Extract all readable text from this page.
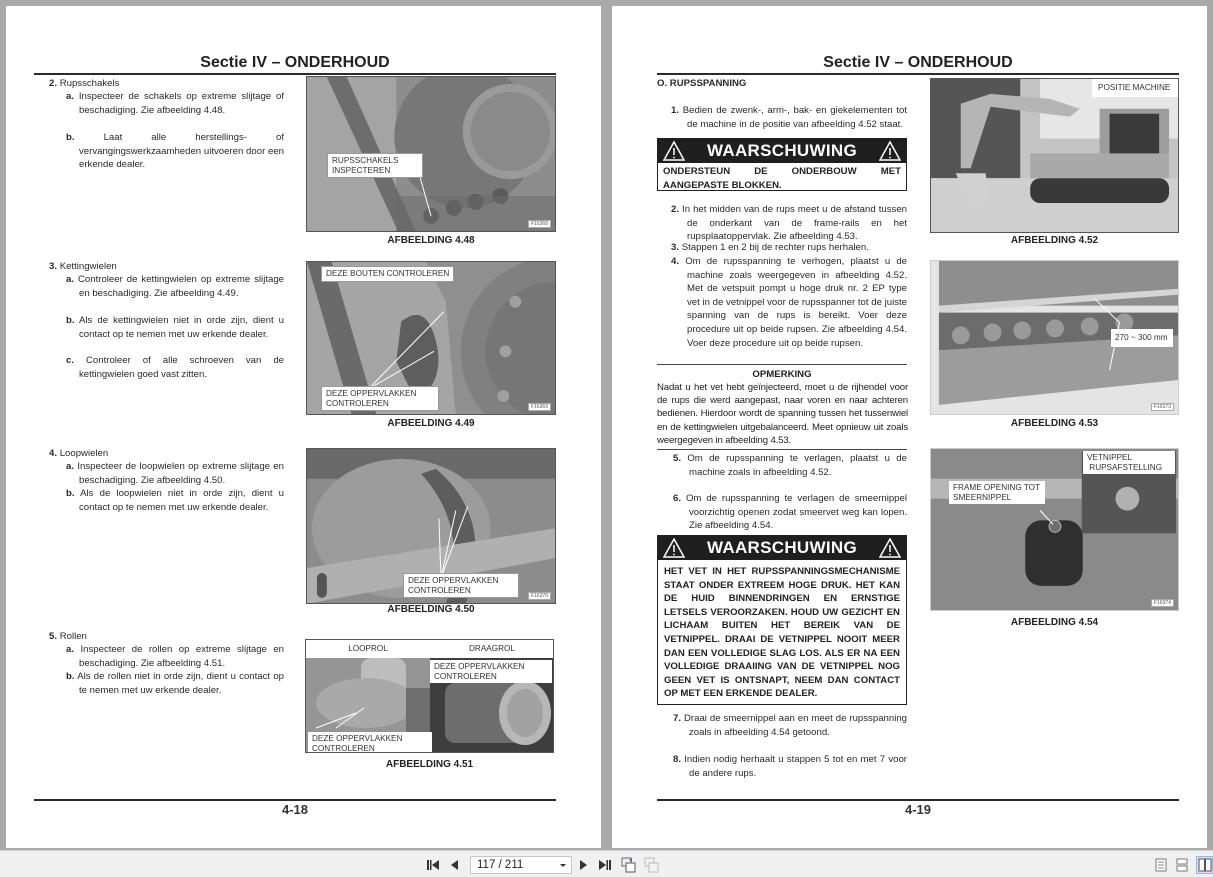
Sectie IV – ONDERHOUD
2. Rupsschakels
a. Inspecteer de schakels op extreme slijtage of beschadiging. Zie afbeelding 4.48.
b.	Laat alle herstellings- of vervangingswerkzaamheden uitvoeren door een erkende dealer.	RUPSSCHAKELS
INSPECTEREN
F16368
AFBEELDING 4.48
3. Kettingwielen
a. Controleer de kettingwielen op extreme slijtage en beschadiging. Zie afbeelding 4.49.
b. Als de kettingwielen niet in orde zijn, dient u contact op te nemen met uw erkende dealer.
c. Controleer of alle schroeven van de kettingwielen goed vast zitten.
DEZE BOUTEN CONTROLEREN
DEZE OPPERVLAKKEN
CONTROLEREN	F16369
AFBEELDING 4.49
4. Loopwielen
a. Inspecteer de loopwielen op extreme slijtage en beschadiging. Zie afbeelding 4.50.
b. Als de loopwielen niet in orde zijn, dient u contact op te nemen met uw erkende dealer.
DEZE OPPERVLAKKEN
CONTROLEREN
F16370
AFBEELDING 4.50
5. Rollen
a. Inspecteer de rollen op extreme slijtage en beschadiging. Zie afbeelding 4.51.
b. Als de rollen niet in orde zijn, dient u contact op te nemen met uw erkende dealer.
LOOPROL	DRAAGROL
DEZE OPPERVLAKKEN
CONTROLEREN
DEZE OPPERVLAKKEN
CONTROLEREN
AFBEELDING 4.51
4-18
Sectie IV – ONDERHOUD
O. RUPSSPANNING
1. Bedien de zwenk-, arm-, bak- en giekelementen tot de machine in de positie van afbeelding 4.52 staat.
WAARSCHUWING
ONDERSTEUN DE ONDERBOUW MET AANGEPASTE BLOKKEN.
2. In het midden van de rups meet u de afstand tussen de onderkant van de frame-rails en het rupsplaatoppervlak. Zie afbeelding 4.53.
3. Stappen 1 en 2 bij de rechter rups herhalen.
4. Om de rupsspanning te verhogen, plaatst u de machine zoals weergegeven in afbeelding 4.52. Met de vetspuit pompt u hoge druk nr. 2 EP type vet in de vetnippel voor de rupsspanner tot de juiste spanning van de rups is bereikt. Voer deze procedure uit op beide rupsen. Zie afbeelding 4.54. Voer deze procedure uit op beide rupsen.
OPMERKING
Nadat u het vet hebt geïnjecteerd, moet u de rijhendel voor de rups die werd aangepast, naar voren en naar achteren bedienen. Hierdoor wordt de spanning tussen het tussenwiel en de kettingwielen uitgebalanceerd. Meet opnieuw uit zoals weergegeven in afbeelding 4.53.
5. Om de rupsspanning te verlagen, plaatst u de machine zoals in afbeelding 4.52.
6. Om de rupsspanning te verlagen de smeernippel voorzichtig openen zodat smeervet weg kan lopen. Zie afbeelding 4.54.
WAARSCHUWING
HET VET IN HET RUPSSPANNINGSMECHANISME STAAT ONDER EXTREEM HOGE DRUK. HET KAN DE HUID BINNENDRINGEN EN ERNSTIGE LETSELS VEROORZAKEN. HOUD UW GEZICHT EN LICHAAM BUITEN HET BEREIK VAN DE VETNIPPEL. DRAAI DE VETNIPPEL NOOIT MEER DAN EEN VOLLEDIGE SLAG LOS. ALS ER NA EEN VOLLEDIGE DRAAIING VAN DE VETNIPPEL NOG GEEN VET IS ONTSNAPT, NEEM DAN CONTACT OP MET EEN ERKENDE DEALER.
7. Draai de smeernippel aan en meet de rupsspanning zoals in afbeelding 4.54 getoond.
8. Indien nodig herhaalt u stappen 5 tot en met 7 voor de andere rups.
POSITIE MACHINE
AFBEELDING 4.52
270 ~ 300 mm
F16373
AFBEELDING 4.53
FRAME OPENING TOT
SMEERNIPPEL
VETNIPPEL
RUPSAFSTELLING
F16374
AFBEELDING 4.54
4-19
117 / 211
